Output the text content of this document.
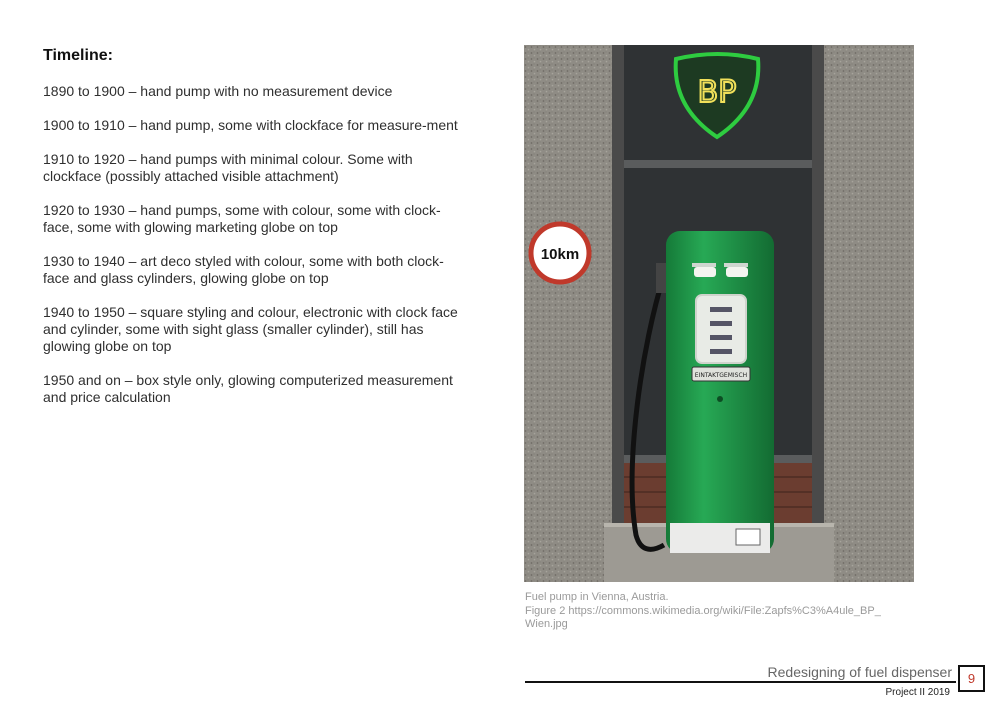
Timeline:
1890 to 1900 – hand pump with no measurement device
1900 to 1910 – hand pump, some with clockface for measure-ment
1910 to 1920 – hand pumps with minimal colour. Some with clockface (possibly attached visible attachment)
1920 to 1930 – hand pumps, some with colour, some with clock-face, some with glowing marketing globe on top
1930 to 1940 – art deco styled with colour, some with both clock-face and glass cylinders, glowing globe on top
1940 to 1950 – square styling and colour, electronic with clock face and cylinder, some with sight glass (smaller cylinder), still has glowing globe on top
1950 and on – box style only, glowing computerized measurement and price calculation
BP
10km
EINTAKTGEMISCH
Fuel pump in Vienna, Austria.
Figure 2 https://commons.wikimedia.org/wiki/File:Zapfs%C3%A4ule_BP_
Wien.jpg
Redesigning of fuel dispenser
Project II 2019
9
